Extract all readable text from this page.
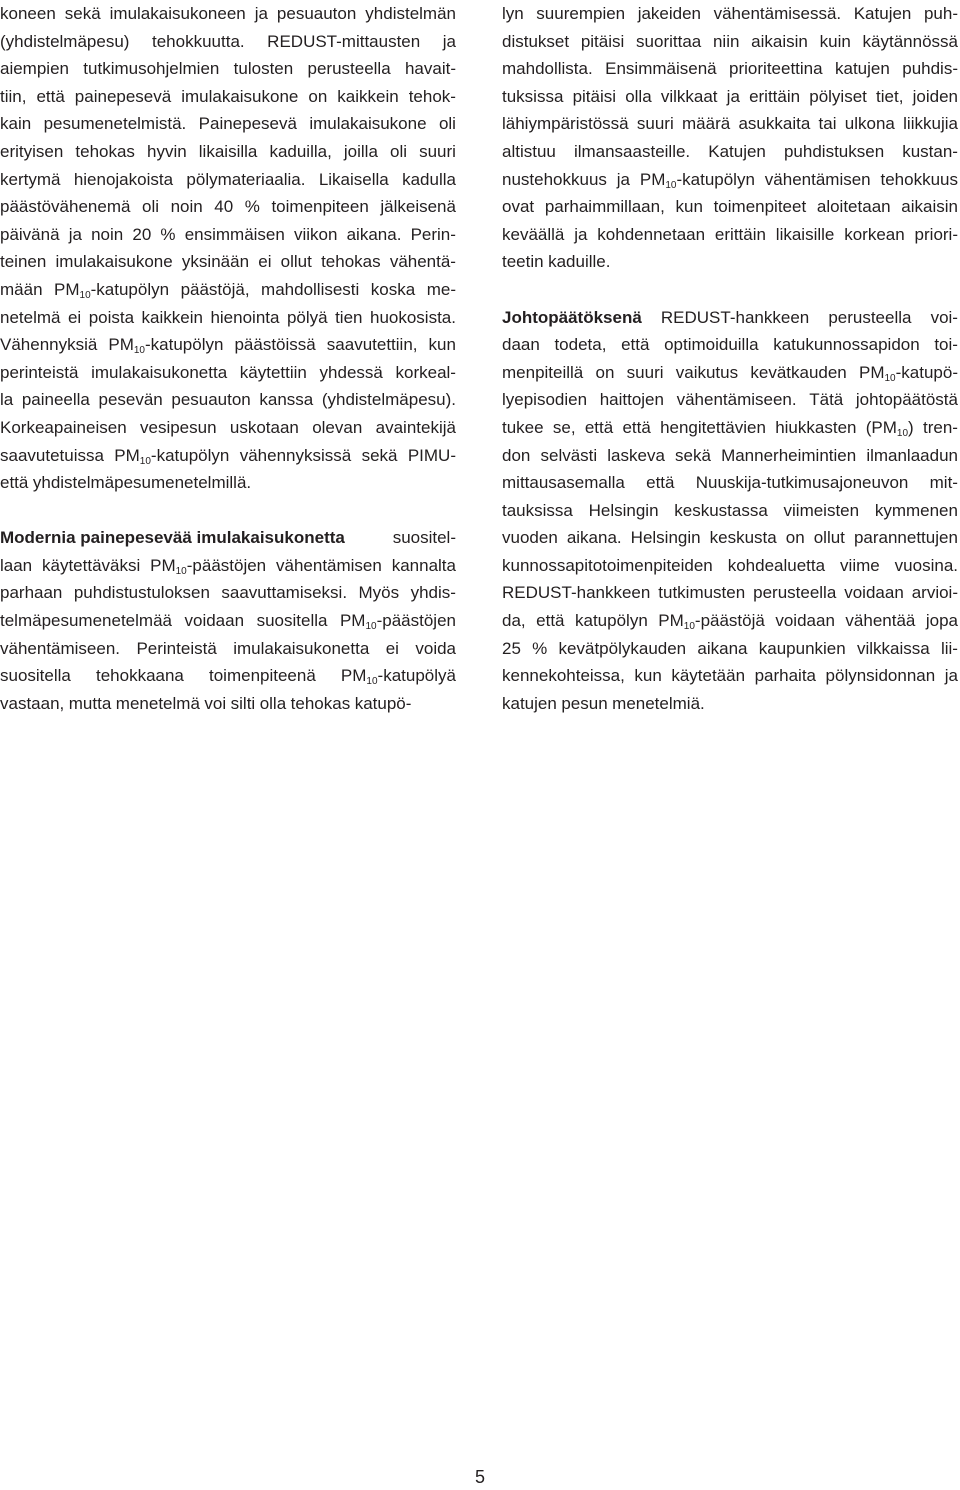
koneen sekä imulakaisukoneen ja pesuauton yhdistelmän
(yhdistelmäpesu) tehokkuutta. REDUST-mittausten ja
aiempien tutkimusohjelmien tulosten perusteella havait-
tiin, että painepesevä imulakaisukone on kaikkein tehok-
kain pesumenetelmistä. Painepesevä imulakaisukone oli
erityisen tehokas hyvin likaisilla kaduilla, joilla oli suuri
kertymä hienojakoista pölymateriaalia. Likaisella kadulla
päästövähenemä oli noin 40 % toimenpiteen jälkeisenä
päivänä ja noin 20 % ensimmäisen viikon aikana. Perin-
teinen imulakaisukone yksinään ei ollut tehokas vähentä-
mään $PM_{10}$-katupölyn päästöjä, mahdollisesti koska me-
netelmä ei poista kaikkein hienointa pölyä tien huokosista.
Vähennyksiä $PM_{10}$-katupölyn päästöissä saavutettiin, kun
perinteistä imulakaisukonetta käytettiin yhdessä korkeal-
la paineella pesevän pesuauton kanssa (yhdistelmäpesu).
Korkeapaineisen vesipesun uskotaan olevan avaintekijä
saavutetuissa $PM_{10}$-katupölyn vähennyksissä sekä PIMU-
että yhdistelmäpesumenetelmillä.
Modernia painepesevää imulakaisukonetta	suositel-
laan käytettäväksi $PM_{10}$-päästöjen vähentämisen kannalta
parhaan puhdistustuloksen saavuttamiseksi. Myös yhdis-
telmäpesumenetelmää voidaan suositella $PM_{10}$-päästöjen
vähentämiseen. Perinteistä imulakaisukonetta ei voida
suositella tehokkaana toimenpiteenä $PM_{10}$-katupölyä
vastaan, mutta menetelmä voi silti olla tehokas katupö-
lyn suurempien jakeiden vähentämisessä. Katujen puh-
distukset pitäisi suorittaa niin aikaisin kuin käytännössä
mahdollista. Ensimmäisenä prioriteettina katujen puhdis-
tuksissa pitäisi olla vilkkaat ja erittäin pölyiset tiet, joiden
lähiympäristössä suuri määrä asukkaita tai ulkona liikkujia
altistuu ilmansaasteille. Katujen puhdistuksen kustan-
nustehokkuus ja $PM_{10}$-katupölyn vähentämisen tehokkuus
ovat parhaimmillaan, kun toimenpiteet aloitetaan aikaisin
keväällä ja kohdennetaan erittäin likaisille korkean priori-
teetin kaduille.
Johtopäätöksenä REDUST-hankkeen perusteella voi-
daan todeta, että optimoiduilla katukunnossapidon toi-
menpiteillä on suuri vaikutus kevätkauden $PM_{10}-katupö-$
lyepisodien haittojen vähentämiseen. Tätä johtopäätöstä
tukee se, että että hengitettävien hiukkasten $(PM_{10})$ tren-
don selvästi laskeva sekä Mannerheimintien ilmanlaadun
mittausasemalla että Nuuskija-tutkimusajoneuvon mit-
tauksissa Helsingin keskustassa viimeisten kymmenen
vuoden aikana. Helsingin keskusta on ollut parannettujen
kunnossapitotoimenpiteiden kohdealuetta viime vuosina.
REDUST-hankkeen tutkimusten perusteella voidaan arvioi-
da, että katupölyn $PM_{10}$-päästöjä voidaan vähentää jopa
25 % kevätpölykauden aikana kaupunkien vilkkaissa lii-
kennekohteissa, kun käytetään parhaita pölynsidonnan ja
katujen pesun menetelmiä.
5
